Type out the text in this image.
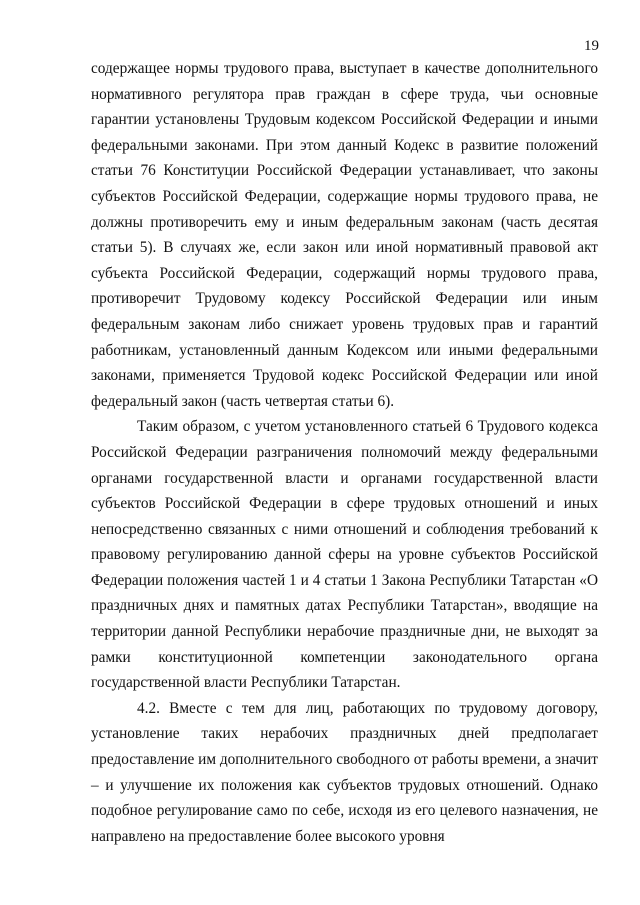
19

содержащее нормы трудового права, выступает в качестве дополнительного нормативного регулятора прав граждан в сфере труда, чьи основные гарантии установлены Трудовым кодексом Российской Федерации и иными федеральными законами. При этом данный Кодекс в развитие положений статьи 76 Конституции Российской Федерации устанавливает, что законы субъектов Российской Федерации, содержащие нормы трудового права, не должны противоречить ему и иным федеральным законам (часть десятая статьи 5). В случаях же, если закон или иной нормативный правовой акт субъекта Российской Федерации, содержащий нормы трудового права, противоречит Трудовому кодексу Российской Федерации или иным федеральным законам либо снижает уровень трудовых прав и гарантий работникам, установленный данным Кодексом или иными федеральными законами, применяется Трудовой кодекс Российской Федерации или иной федеральный закон (часть четвертая статьи 6).

Таким образом, с учетом установленного статьей 6 Трудового кодекса Российской Федерации разграничения полномочий между федеральными органами государственной власти и органами государственной власти субъектов Российской Федерации в сфере трудовых отношений и иных непосредственно связанных с ними отношений и соблюдения требований к правовому регулированию данной сферы на уровне субъектов Российской Федерации положения частей 1 и 4 статьи 1 Закона Республики Татарстан «О праздничных днях и памятных датах Республики Татарстан», вводящие на территории данной Республики нерабочие праздничные дни, не выходят за рамки конституционной компетенции законодательного органа государственной власти Республики Татарстан.

4.2. Вместе с тем для лиц, работающих по трудовому договору, установление таких нерабочих праздничных дней предполагает предоставление им дополнительного свободного от работы времени, а значит – и улучшение их положения как субъектов трудовых отношений. Однако подобное регулирование само по себе, исходя из его целевого назначения, не направлено на предоставление более высокого уровня
